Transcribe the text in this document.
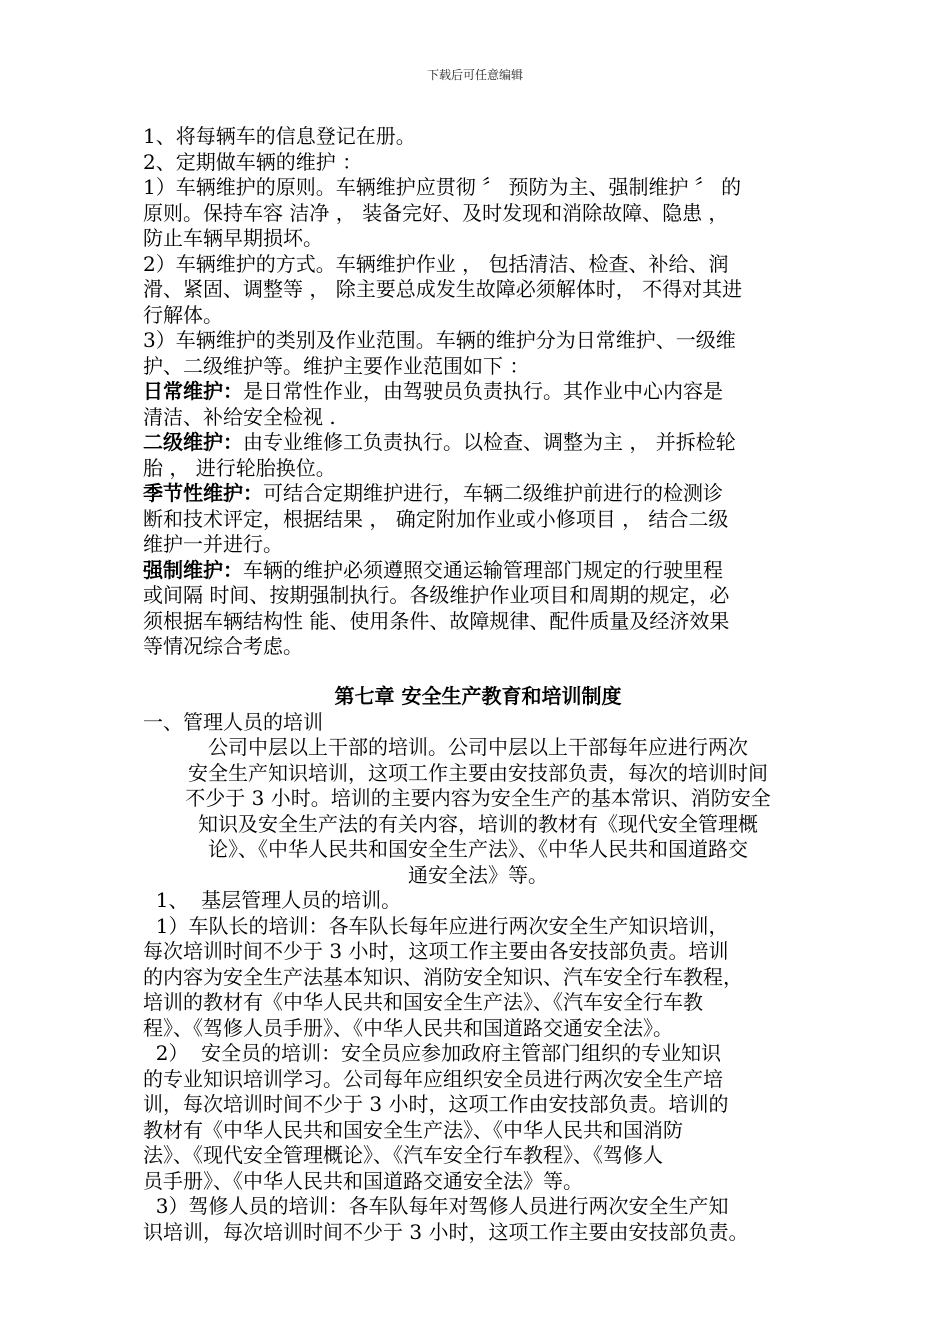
下载后可任意编辑
1、将每辆车的信息登记在册。
2、定期做车辆的维护 ：
1）车辆维护的原则。车辆维护应贯彻 〞 预防为主、强制维护 〞 的
原则。保持车容 洁净 ， 装备完好、及时发现和消除故障、隐患 ，
防止车辆早期损坏。
2）车辆维护的方式。车辆维护作业 ， 包括清洁、检查、补给、润
滑、紧固、调整等 ， 除主要总成发生故障必须解体时， 不得对其进
行解体。
3）车辆维护的类别及作业范围。车辆的维护分为日常维护、一级维
护、二级维护等。维护主要作业范围如下 ：
日常维护：是日常性作业，由驾驶员负责执行。其作业中心内容是
清洁、补给安全检视 .
二级维护：由专业维修工负责执行。以检查、调整为主 ， 并拆检轮
胎 ， 进行轮胎换位。
季节性维护：可结合定期维护进行，车辆二级维护前进行的检测诊
断和技术评定，根据结果 ， 确定附加作业或小修项目 ， 结合二级
维护一并进行。
强制维护：车辆的维护必须遵照交通运输管理部门规定的行驶里程
或间隔 时间、按期强制执行。各级维护作业项目和周期的规定，必
须根据车辆结构性 能、使用条件、故障规律、配件质量及经济效果
等情况综合考虑。
第七章 安全生产教育和培训制度
一、管理人员的培训
公司中层以上干部的培训。公司中层以上干部每年应进行两次
安全生产知识培训，这项工作主要由安技部负责，每次的培训时间
不少于 3 小时。培训的主要内容为安全生产的基本常识、消防安全
知识及安全生产法的有关内容，培训的教材有《现代安全管理概
论》、《中华人民共和国安全生产法》、《中华人民共和国道路交
通安全法》等。
1、  基层管理人员的培训。
1）车队长的培训：各车队长每年应进行两次安全生产知识培训，
每次培训时间不少于 3 小时，这项工作主要由各安技部负责。培训
的内容为安全生产法基本知识、消防安全知识、汽车安全行车教程，
培训的教材有《中华人民共和国安全生产法》、《汽车安全行车教
程》、《驾修人员手册》、《中华人民共和国道路交通安全法》。
2）  安全员的培训：安全员应参加政府主管部门组织的专业知识
的专业知识培训学习。公司每年应组织安全员进行两次安全生产培
训，每次培训时间不少于 3 小时，这项工作由安技部负责。培训的
教材有《中华人民共和国安全生产法》、《中华人民共和国消防
法》、《现代安全管理概论》、《汽车安全行车教程》、《驾修人
员手册》、《中华人民共和国道路交通安全法》等。
3）驾修人员的培训：各车队每年对驾修人员进行两次安全生产知
识培训，每次培训时间不少于 3 小时，这项工作主要由安技部负责。
